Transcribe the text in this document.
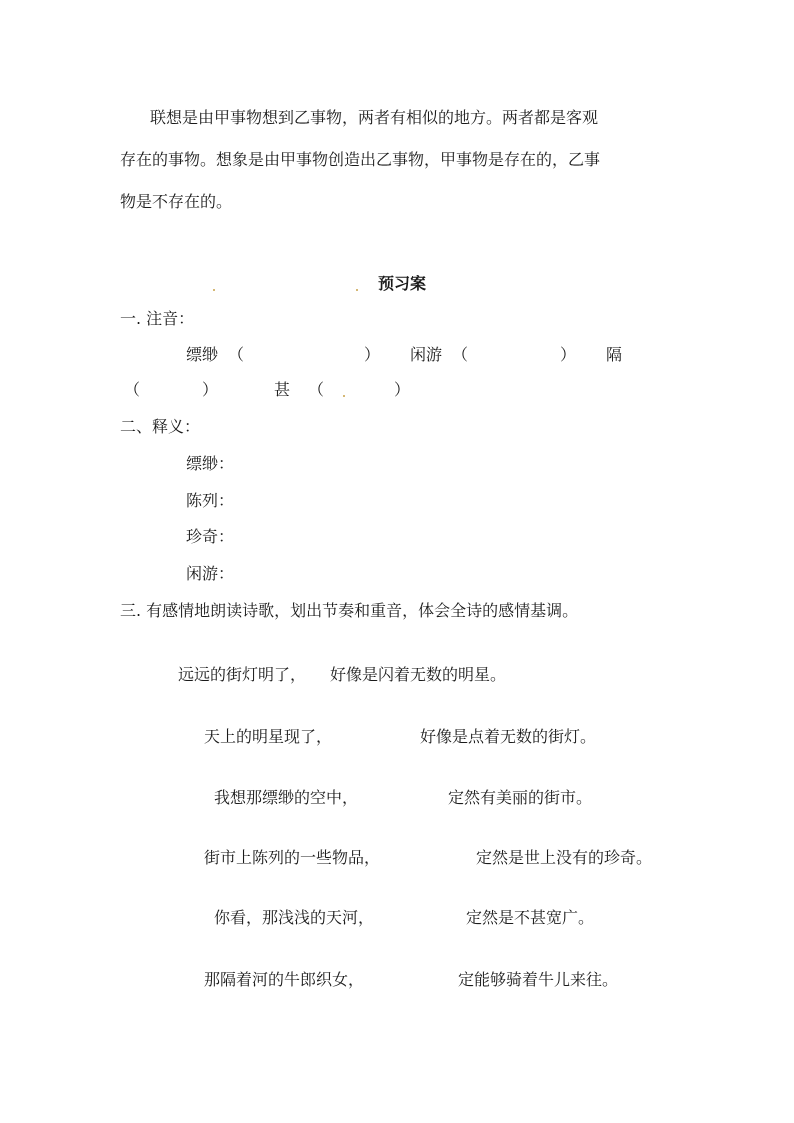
联想是由甲事物想到乙事物，两者有相似的地方。两者都是客观
存在的事物。想象是由甲事物创造出乙事物，甲事物是存在的，乙事
物是不存在的。
预习案
一. 注音：
缥缈 （	） 闲游 （	） 隔
（	）	甚 （	）
二、释义：
缥缈：
陈列：
珍奇：
闲游：
三. 有感情地朗读诗歌，划出节奏和重音，体会全诗的感情基调。
远远的街灯明了， 好像是闪着无数的明星。
天上的明星现了，	好像是点着无数的街灯。
我想那缥缈的空中，	定然有美丽的街市。
街市上陈列的一些物品，	定然是世上没有的珍奇。
你看，那浅浅的天河，	定然是不甚宽广。
那隔着河的牛郎织女，	定能够骑着牛儿来往。
